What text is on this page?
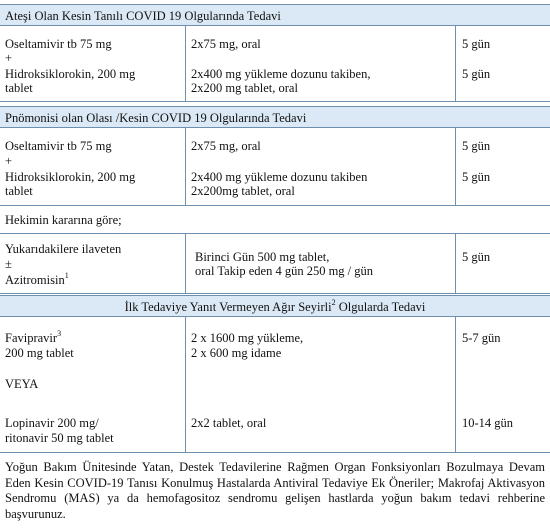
Ateşi Olan Kesin Tanılı COVID 19 Olgularında Tedavi
Oseltamivir tb 75 mg
+
Hidroksiklorokin, 200 mg
tablet
2x75 mg, oral
2x400 mg yükleme dozunu takiben,
2x200 mg tablet, oral
5 gün
5 gün
Pnömonisi olan Olası /Kesin COVID 19 Olgularında Tedavi
Oseltamivir tb 75 mg
+
Hidroksiklorokin, 200 mg
tablet
2x75 mg, oral
2x400 mg yükleme dozunu takiben
2x200mg tablet, oral
5 gün
5 gün
Hekimin kararına göre;
Yukarıdakilere ilaveten
±
Azitromisin$^1$
Birinci Gün 500 mg tablet,
oral Takip eden 4 gün 250 mg / gün
5 gün
İlk Tedaviye Yanıt Vermeyen Ağır Seyirli$^2$ Olgularda Tedavi
Favipravir$^3$
200 mg tablet
VEYA
Lopinavir 200 mg/
ritonavir 50 mg tablet
2 x 1600 mg yükleme,
2 x 600 mg idame
2x2 tablet, oral
5-7 gün
10-14 gün
Yoğun Bakım Ünitesinde Yatan, Destek Tedavilerine Rağmen Organ Fonksiyonları Bozulmaya Devam Eden Kesin COVID-19 Tanısı Konulmuş Hastalarda Antiviral Tedaviye Ek Öneriler; Makrofaj Aktivasyon Sendromu (MAS) ya da hemofagositoz sendromu gelişen hastlarda yoğun bakım tedavi rehberine başvurunuz.
